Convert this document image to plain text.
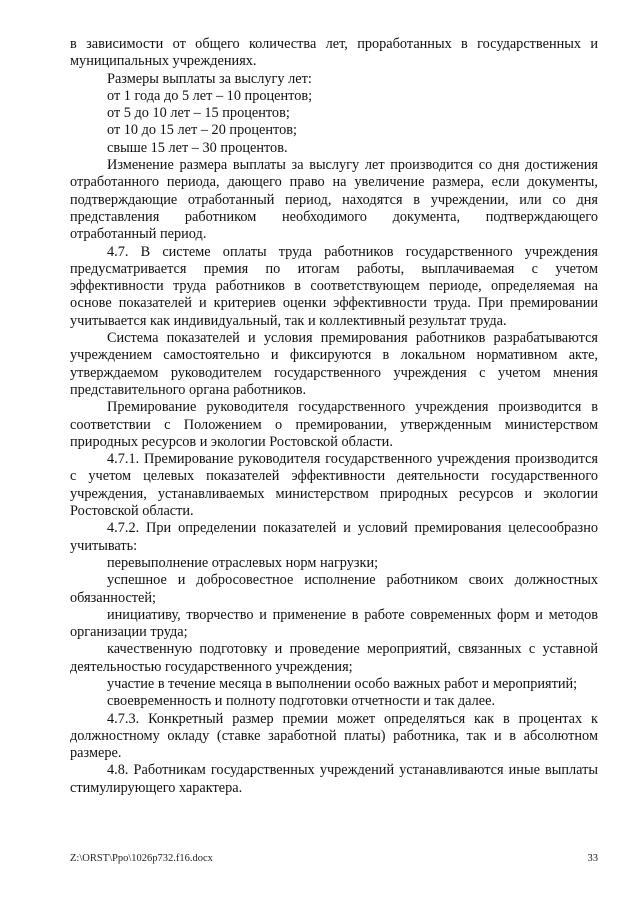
в зависимости от общего количества лет, проработанных в государственных и муниципальных учреждениях.

Размеры выплаты за выслугу лет:

от 1 года до 5 лет – 10 процентов;

от 5 до 10 лет – 15 процентов;

от 10 до 15 лет – 20 процентов;

свыше 15 лет – 30 процентов.

Изменение размера выплаты за выслугу лет производится со дня достижения отработанного периода, дающего право на увеличение размера, если документы, подтверждающие отработанный период, находятся в учреждении, или со дня представления работником необходимого документа, подтверждающего отработанный период.

4.7. В системе оплаты труда работников государственного учреждения предусматривается премия по итогам работы, выплачиваемая с учетом эффективности труда работников в соответствующем периоде, определяемая на основе показателей и критериев оценки эффективности труда. При премировании учитывается как индивидуальный, так и коллективный результат труда.

Система показателей и условия премирования работников разрабатываются учреждением самостоятельно и фиксируются в локальном нормативном акте, утверждаемом руководителем государственного учреждения с учетом мнения представительного органа работников.

Премирование руководителя государственного учреждения производится в соответствии с Положением о премировании, утвержденным министерством природных ресурсов и экологии Ростовской области.

4.7.1. Премирование руководителя государственного учреждения производится с учетом целевых показателей эффективности деятельности государственного учреждения, устанавливаемых министерством природных ресурсов и экологии Ростовской области.

4.7.2. При определении показателей и условий премирования целесообразно учитывать:

перевыполнение отраслевых норм нагрузки;

успешное и добросовестное исполнение работником своих должностных обязанностей;

инициативу, творчество и применение в работе современных форм и методов организации труда;

качественную подготовку и проведение мероприятий, связанных с уставной деятельностью государственного учреждения;

участие в течение месяца в выполнении особо важных работ и мероприятий;

своевременность и полноту подготовки отчетности и так далее.

4.7.3. Конкретный размер премии может определяться как в процентах к должностному окладу (ставке заработной платы) работника, так и в абсолютном размере.

4.8. Работникам государственных учреждений устанавливаются иные выплаты стимулирующего характера.

Z:\ORST\Ppo\1026p732.f16.docx	33
